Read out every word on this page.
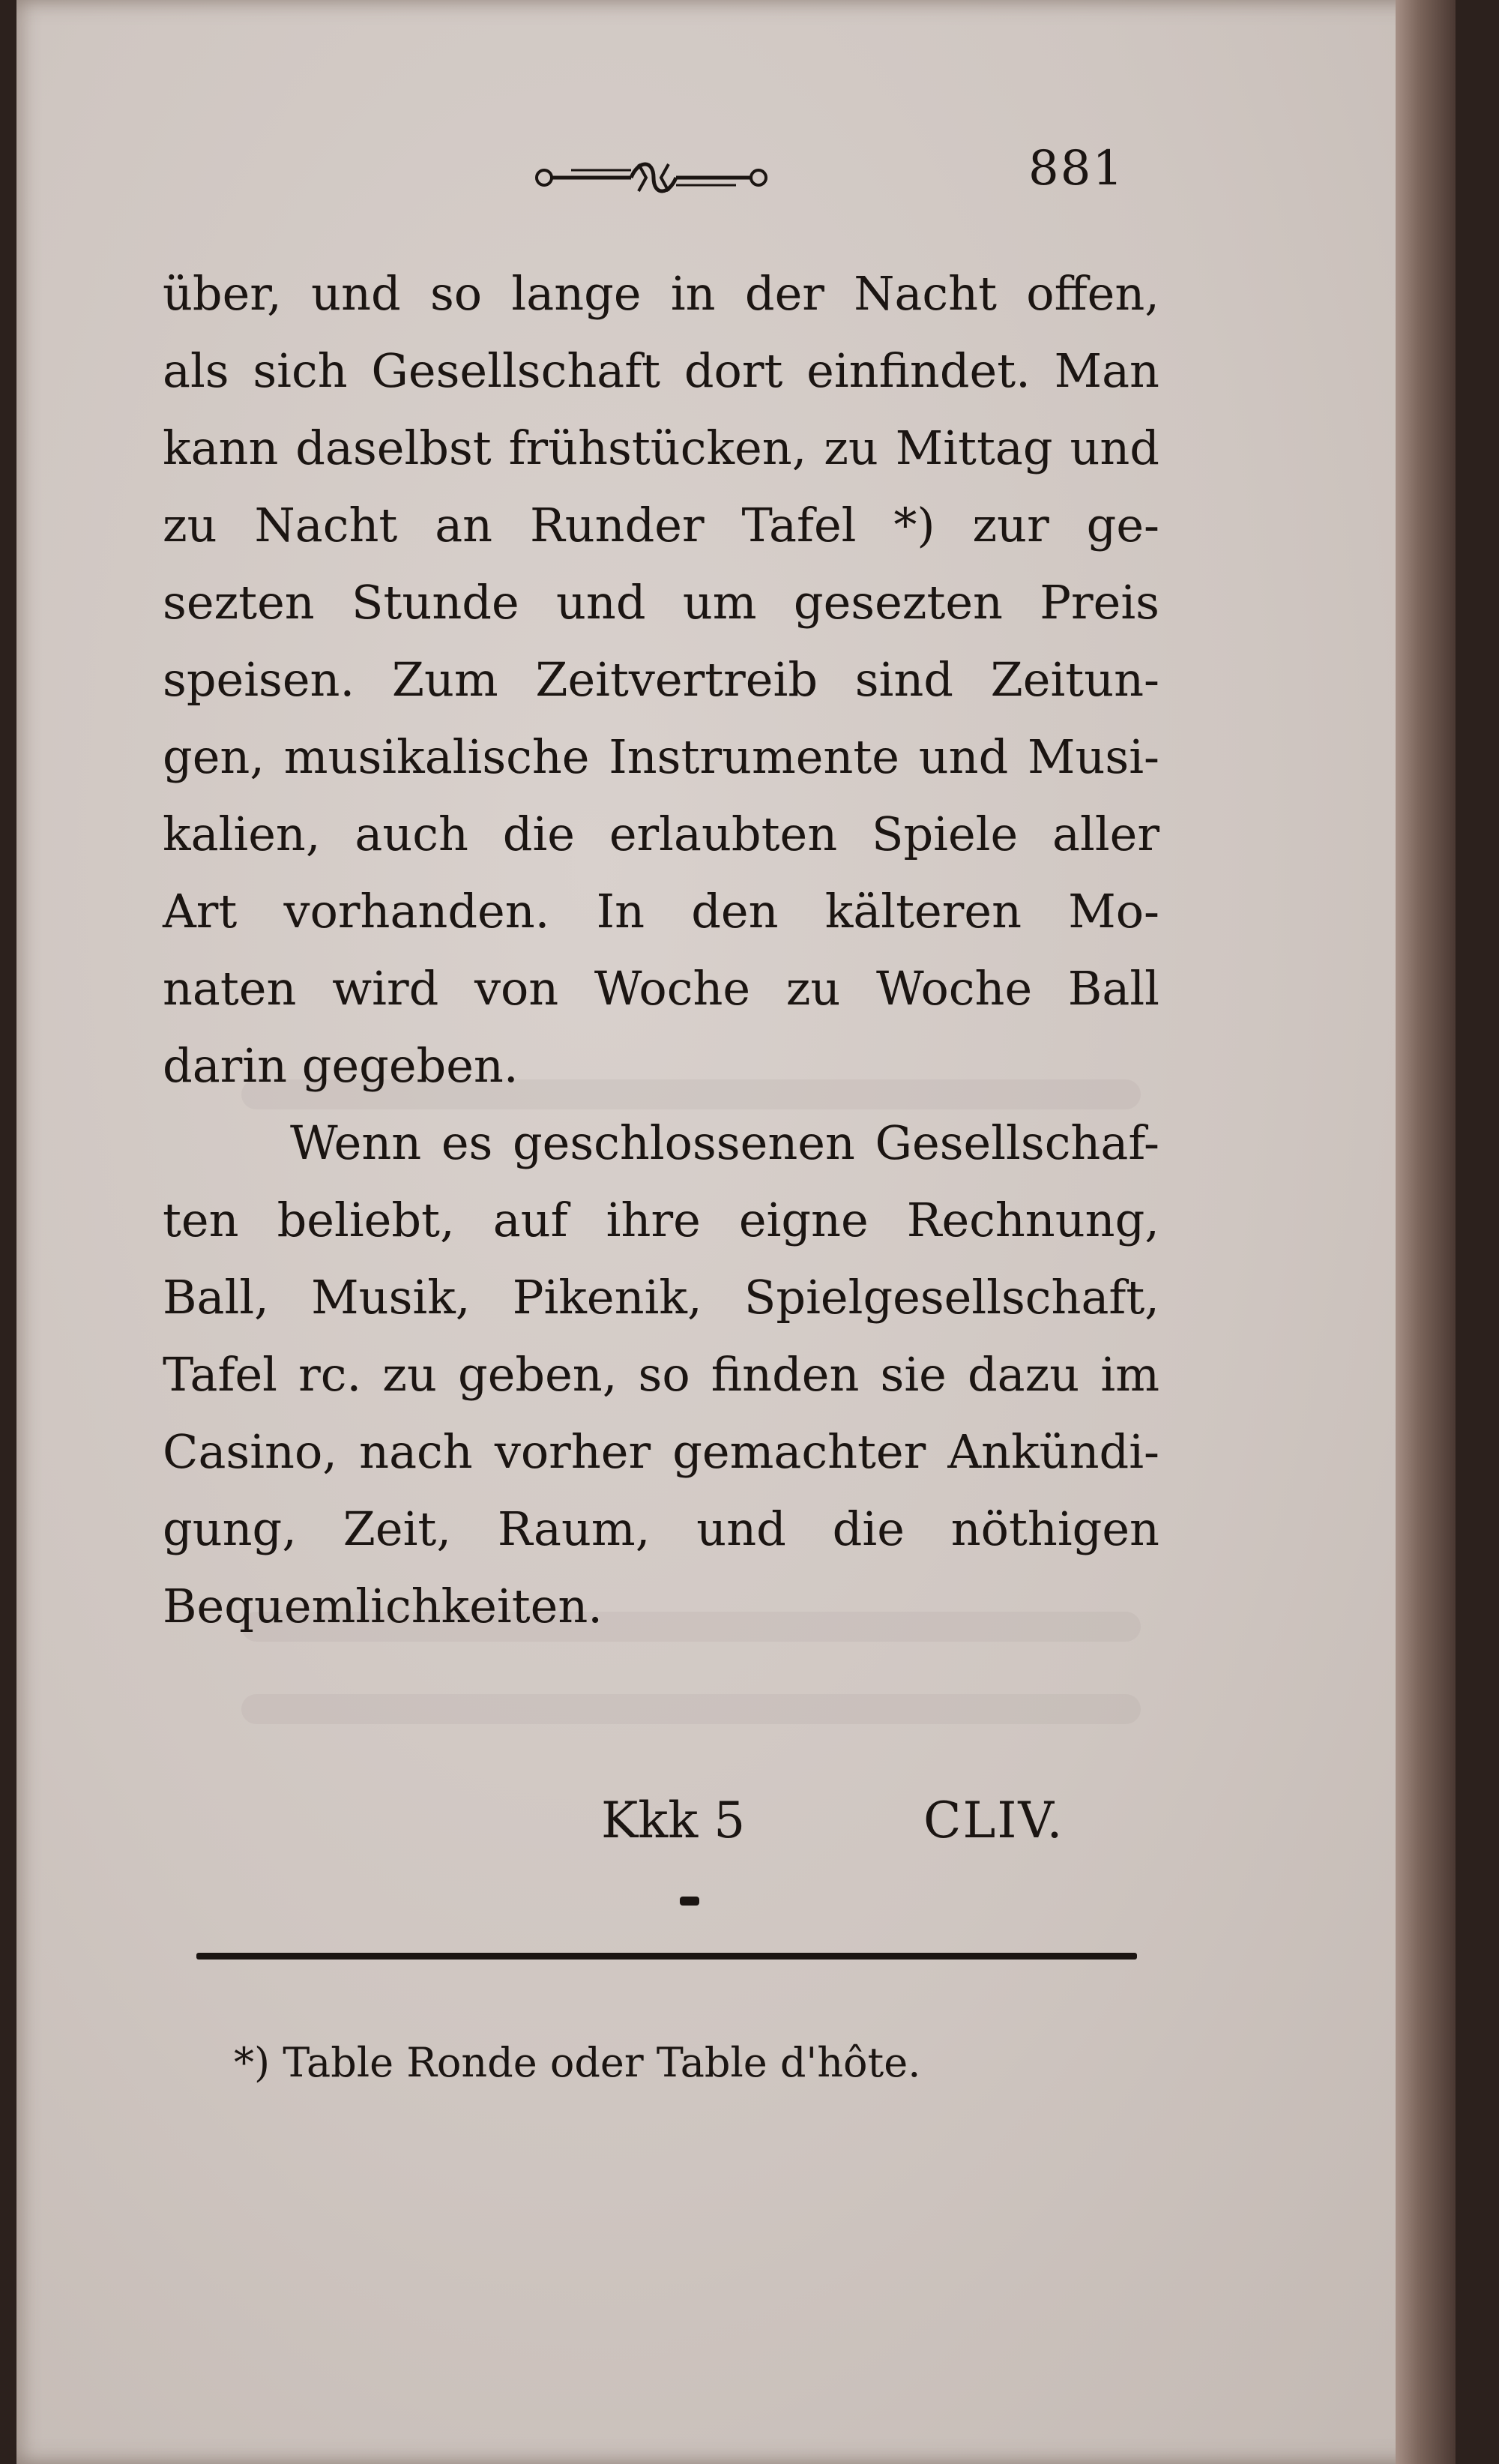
881
über, und so lange in der Nacht offen,
als sich Gesellschaft dort einfindet. Man
kann daselbst frühstücken, zu Mittag und
zu Nacht an Runder Tafel *) zur ge-
sezten Stunde und um gesezten Preis
speisen. Zum Zeitvertreib sind Zeitun-
gen, musikalische Instrumente und Musi-
kalien, auch die erlaubten Spiele aller
Art vorhanden. In den kälteren Mo-
naten wird von Woche zu Woche Ball
darin gegeben.
Wenn es geschlossenen Gesellschaf-
ten beliebt, auf ihre eigne Rechnung,
Ball, Musik, Pikenik, Spielgesellschaft,
Tafel rc. zu geben, so finden sie dazu im
Casino, nach vorher gemachter Ankündi-
gung, Zeit, Raum, und die nöthigen
Bequemlichkeiten.
Kkk 5	CLIV.
*) Table Ronde oder Table d'hôte.
